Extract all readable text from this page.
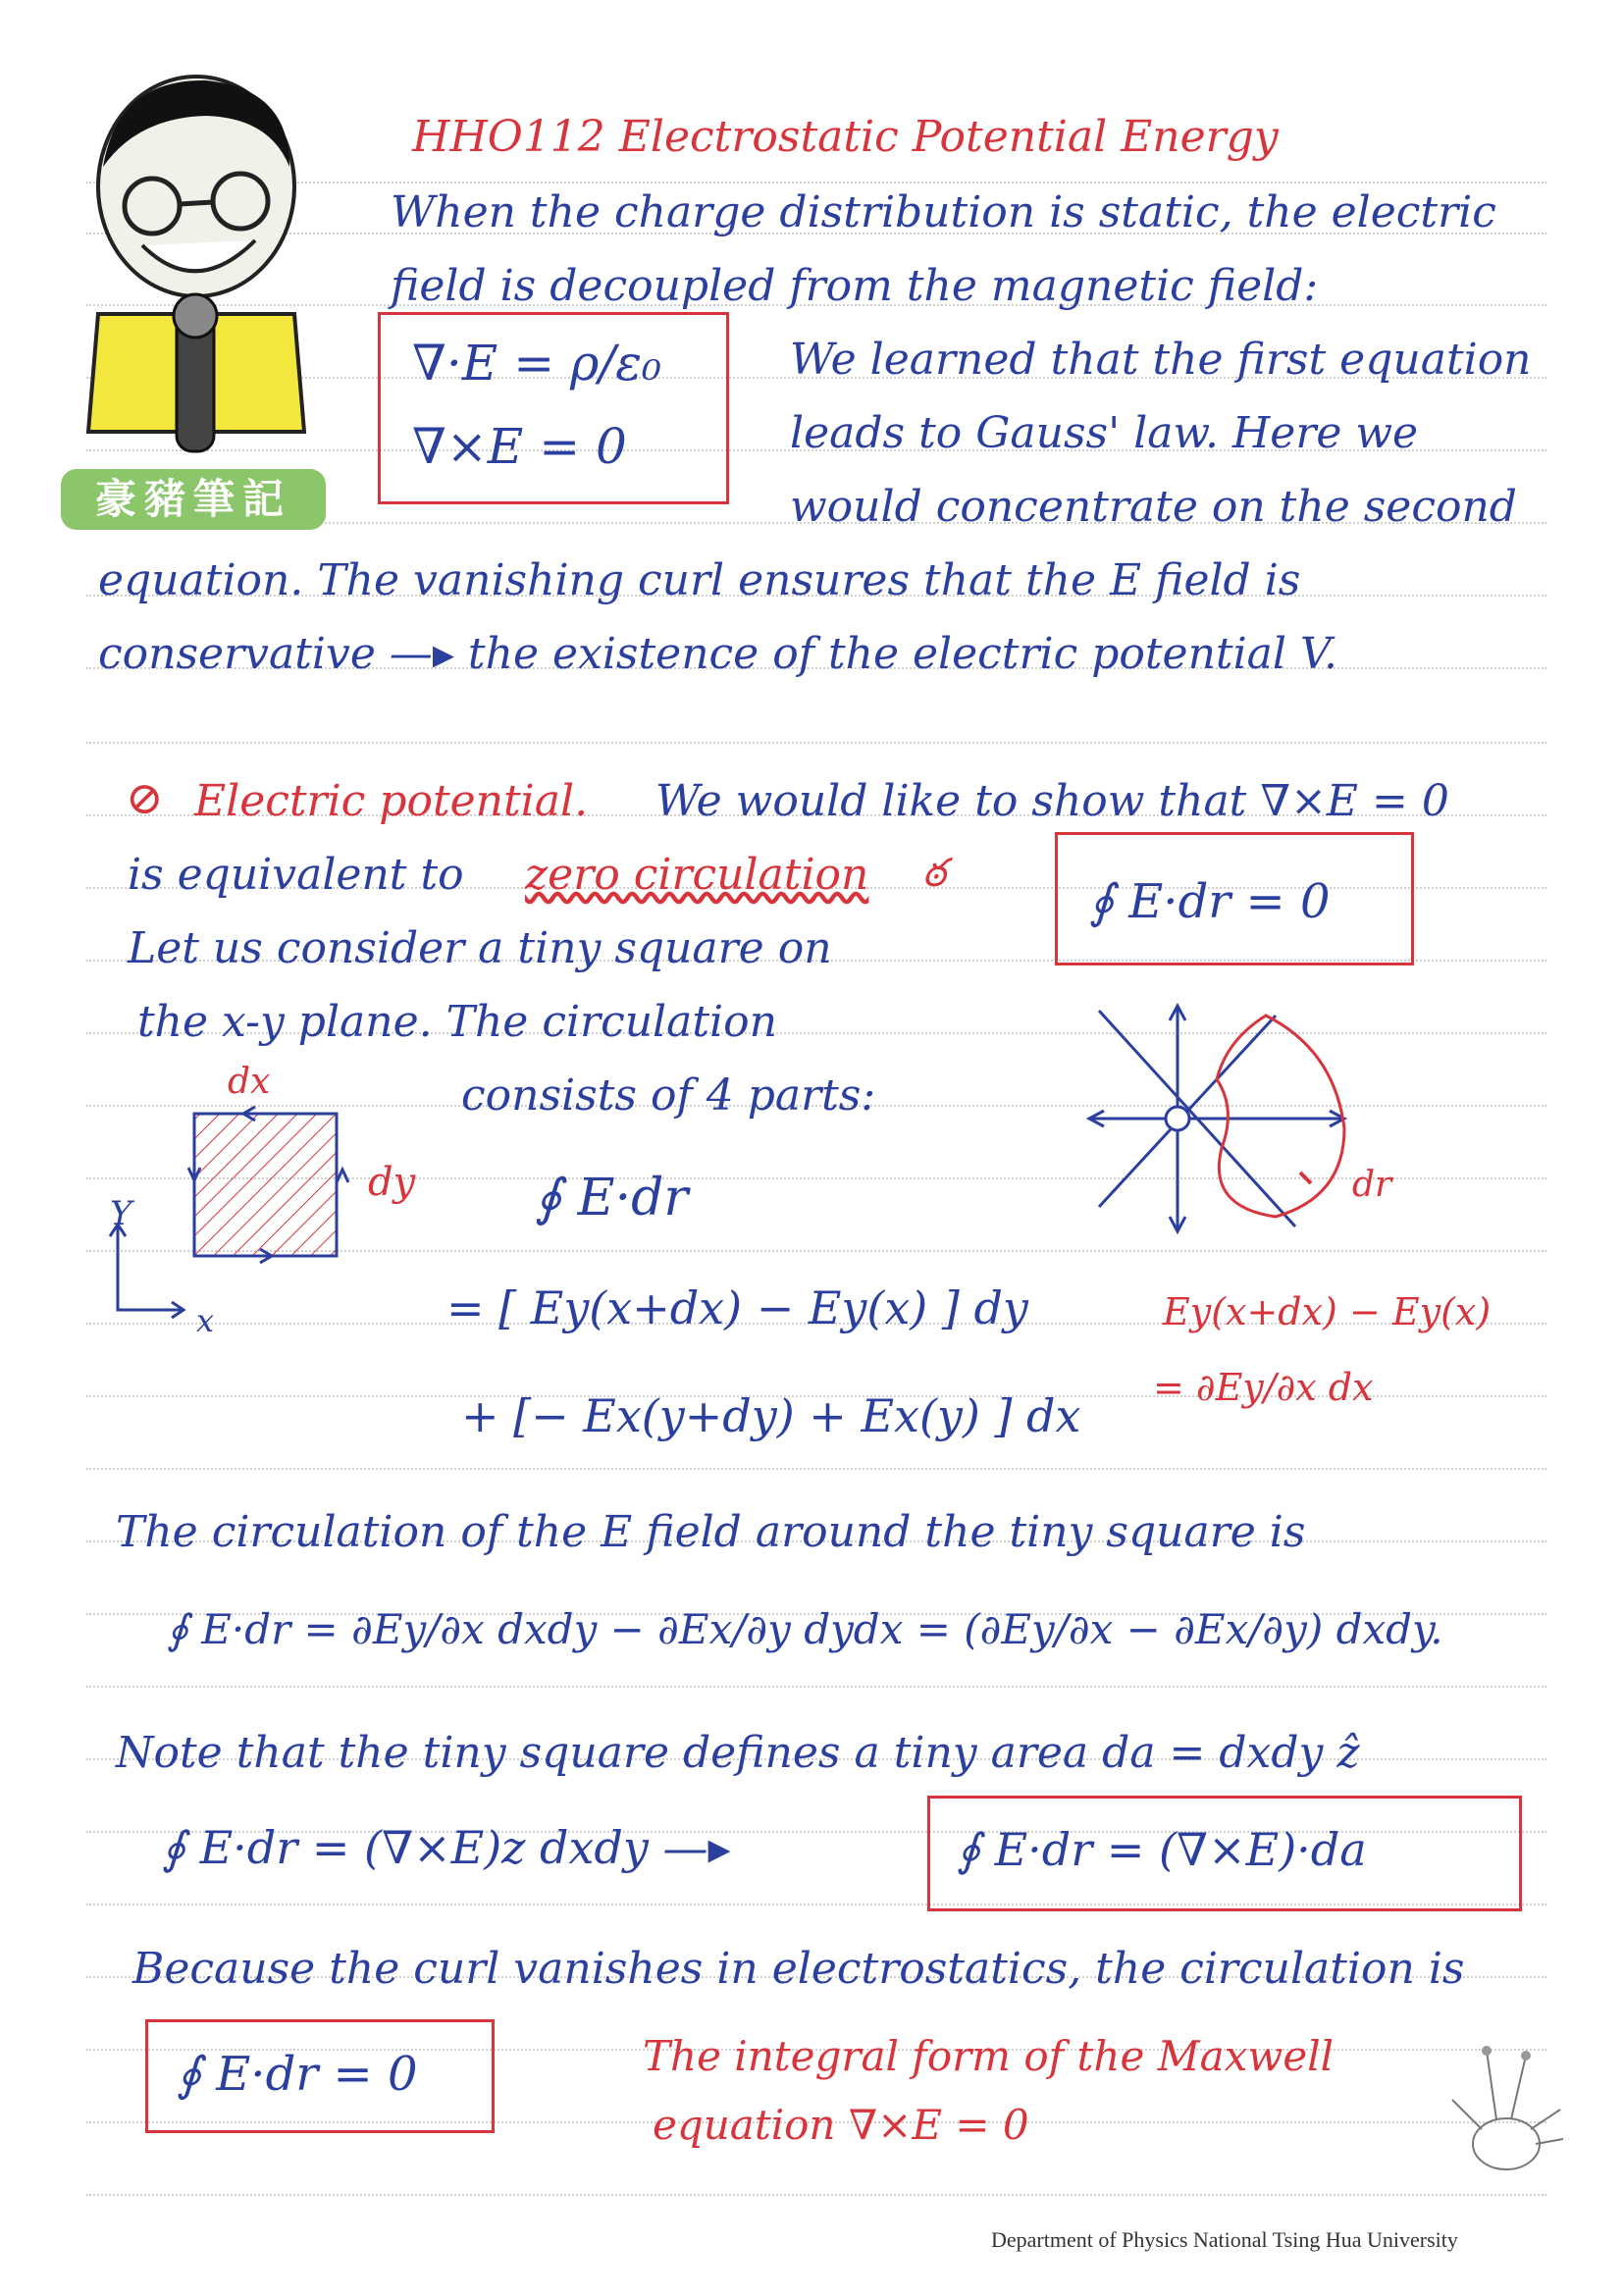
豪豬筆記
HHO112 Electrostatic Potential Energy
When the charge distribution is static, the electric
field is decoupled from the magnetic field:
∇·E = ρ/ε₀
∇×E = 0
We learned that the first equation
leads to Gauss' law. Here we
would concentrate on the second
equation. The vanishing curl ensures that the E field is
conservative —▸ the existence of the electric potential V.
⊘ Electric potential. We would like to show that ∇×E = 0
is equivalent to zero circulation ఠ
∮ E·dr = 0
Let us consider a tiny square on
the x-y plane. The circulation
consists of 4 parts:
dx
dy
Y
x
dr
∮ E·dr
= [ Ey(x+dx) − Ey(x) ] dy
+ [− Ex(y+dy) + Ex(y) ] dx
Ey(x+dx) − Ey(x)
= ∂Ey/∂x dx
The circulation of the E field around the tiny square is
∮ E·dr = ∂Ey/∂x dxdy − ∂Ex/∂y dydx = (∂Ey/∂x − ∂Ex/∂y) dxdy.
Note that the tiny square defines a tiny area da = dxdy ẑ
∮ E·dr = (∇×E)z dxdy —▸	∮ E·dr = (∇×E)·da
Because the curl vanishes in electrostatics, the circulation is
∮ E·dr = 0	The integral form of the Maxwell
equation ∇×E = 0
Department of Physics National Tsing Hua University
